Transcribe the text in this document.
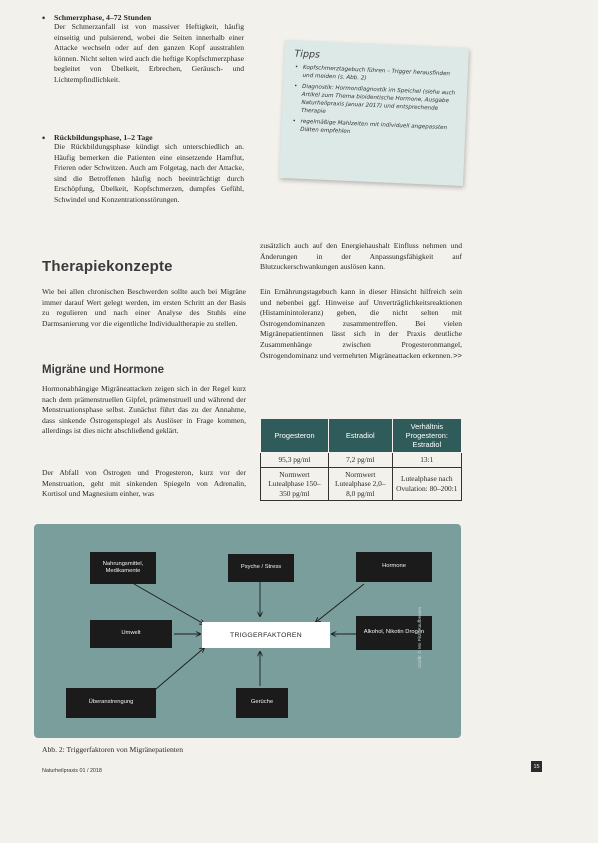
• Schmerzphase, 4–72 Stunden
Der Schmerzanfall ist von massiver Heftigkeit, häufig einseitig und pulsierend, wobei die Seiten innerhalb einer Attacke wechseln oder auf den ganzen Kopf ausstrahlen können. Nicht selten wird auch die heftige Kopfschmerzphase begleitet von Übelkeit, Erbrechen, Geräusch- und Lichtempfindlichkeit.
• Rückbildungsphase, 1–2 Tage
Die Rückbildungsphase kündigt sich unterschiedlich an. Häufig bemerken die Patienten eine einsetzende Harnflut, Frieren oder Schwitzen. Auch am Folgetag, nach der Attacke, sind die Betroffenen häufig noch beeinträchtigt durch Erschöpfung, Übelkeit, Kopfschmerzen, dumpfes Gefühl, Schwindel und Konzentrationsstörungen.
Tipps
• Kopfschmerztagebuch führen – Trigger herausfinden und meiden (s. Abb. 2)
• Diagnostik: Hormondiagnostik im Speichel (siehe auch Artikel zum Thema bioidentische Hormone, Ausgabe Naturheilpraxis Januar 2017) und entsprechende Therapie
• regelmäßige Mahlzeiten mit individuell angepassten Diäten empfehlen
Therapiekonzepte
Wie bei allen chronischen Beschwerden sollte auch bei Migräne immer darauf Wert gelegt werden, im ersten Schritt an der Basis zu regulieren und nach einer Analyse des Stuhls eine Darmsanierung vor die eigentliche Individualtherapie zu stellen.
Migräne und Hormone
Hormonabhängige Migräneattacken zeigen sich in der Regel kurz nach dem prämenstruellen Gipfel, prämenstruell und während der Menstruationsphase selbst. Zunächst führt das zu der Annahme, dass sinkende Östrogenspiegel als Auslöser in Frage kommen, allerdings ist dies nicht abschließend geklärt.
Der Abfall von Östrogen und Progesteron, kurz vor der Menstruation, geht mit sinkenden Spiegeln von Adrenalin, Kortisol und Magnesium einher, was
zusätzlich auch auf den Energiehaushalt Einfluss nehmen und Änderungen in der Anpassungsfähigkeit auf Blutzuckerschwankungen auslösen kann.
Ein Ernährungstagebuch kann in dieser Hinsicht hilfreich sein und nebenbei ggf. Hinweise auf Unverträglichkeitsreaktionen (Histaminintoleranz) geben, die nicht selten mit Östrogendominanzen zusammentreffen. Bei vielen Migränepatientinnen lässt sich in der Praxis deutliche Zusammenhänge zwischen Progesteronmangel, Östrogendominanz und vermehrten Migräneattacken erkennen. >>
Progesteron	Estradiol	Verhältnis Progesteron: Estradiol
95,3 pg/ml	7,2 pg/ml	13:1
Normwert Lutealphase 150–350 pg/ml	Normwert Lutealphase 2,0–8,0 pg/ml	Lutealphase nach Ovulation: 80–200:1
Nahrungsmittel, Medikamente
Psyche / Stress	Hormone
Umwelt	TRIGGERFAKTOREN	Alkohol, Nikotin Drogen
Überanstrengung	Gerüche
Grafik: © Mo Pirzl, Kaufbeuren
Abb. 2: Triggerfaktoren von Migränepatienten
Naturheilpraxis 01 / 2018
15
